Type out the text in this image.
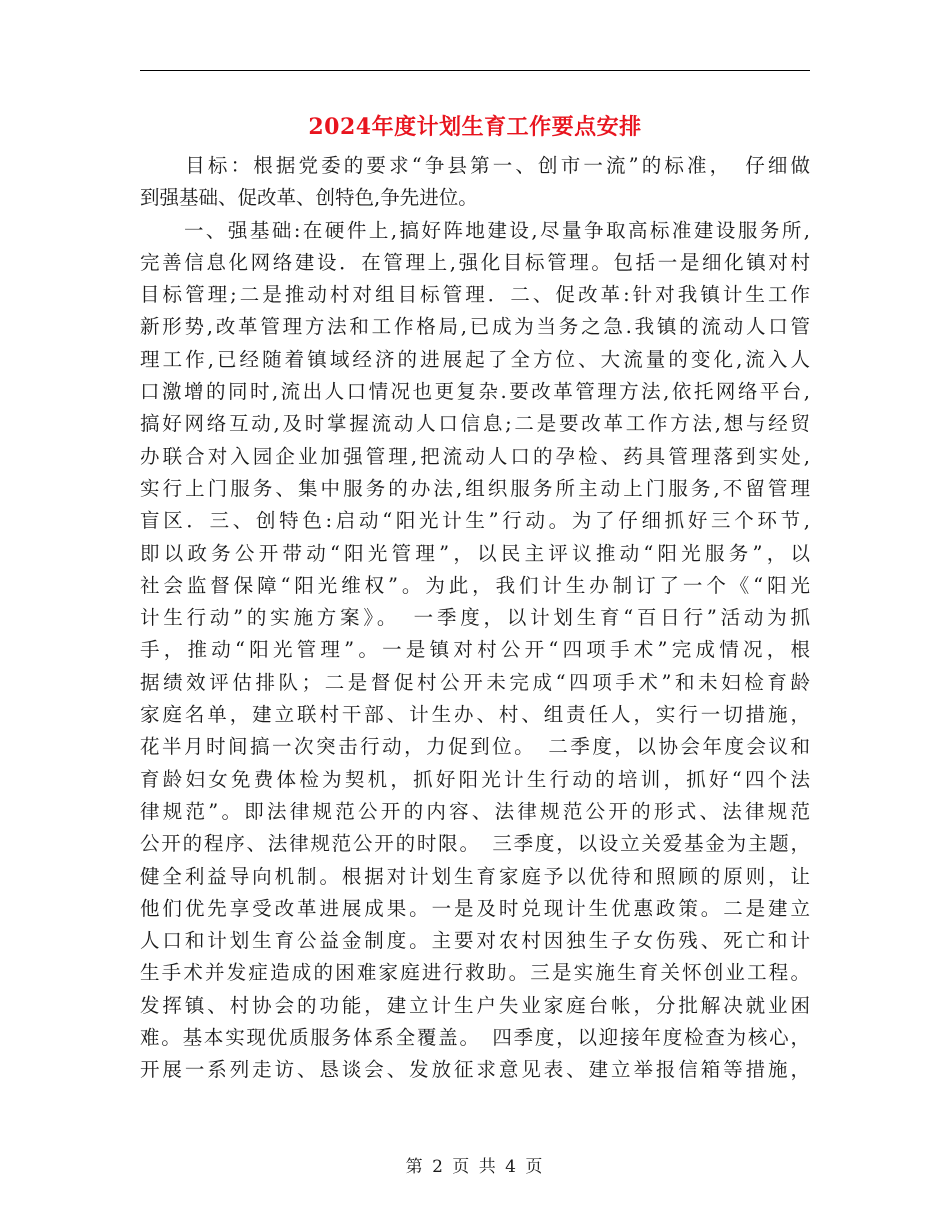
2024年度计划生育工作要点安排
　　目标：根据党委的要求“争县第一、创市一流”的标准，　仔细做
到强基础、促改革、创特色,争先进位。
　　一、强基础:在硬件上,搞好阵地建设,尽量争取高标准建设服务所,
完善信息化网络建设．在管理上,强化目标管理。包括一是细化镇对村
目标管理;二是推动村对组目标管理．二、促改革:针对我镇计生工作
新形势,改革管理方法和工作格局,已成为当务之急.我镇的流动人口管
理工作,已经随着镇域经济的进展起了全方位、大流量的变化,流入人
口激增的同时,流出人口情况也更复杂.要改革管理方法,依托网络平台,
搞好网络互动,及时掌握流动人口信息;二是要改革工作方法,想与经贸
办联合对入园企业加强管理,把流动人口的孕检、药具管理落到实处,
实行上门服务、集中服务的办法,组织服务所主动上门服务,不留管理
盲区．三、创特色:启动“阳光计生”行动。为了仔细抓好三个环节,
即以政务公开带动“阳光管理”，以民主评议推动“阳光服务”，以
社会监督保障“阳光维权”。为此，我们计生办制订了一个《“阳光
计生行动”的实施方案》。　一季度，以计划生育“百日行”活动为抓
手，推动“阳光管理”。一是镇对村公开“四项手术”完成情况，根
据绩效评估排队；二是督促村公开未完成“四项手术”和未妇检育龄
家庭名单，建立联村干部、计生办、村、组责任人，实行一切措施，
花半月时间搞一次突击行动，力促到位。　二季度，以协会年度会议和
育龄妇女免费体检为契机，抓好阳光计生行动的培训，抓好“四个法
律规范”。即法律规范公开的内容、法律规范公开的形式、法律规范
公开的程序、法律规范公开的时限。　三季度，以设立关爱基金为主题，
健全利益导向机制。根据对计划生育家庭予以优待和照顾的原则，让
他们优先享受改革进展成果。一是及时兑现计生优惠政策。二是建立
人口和计划生育公益金制度。主要对农村因独生子女伤残、死亡和计
生手术并发症造成的困难家庭进行救助。三是实施生育关怀创业工程。
发挥镇、村协会的功能，建立计生户失业家庭台帐，分批解决就业困
难。基本实现优质服务体系全覆盖。　四季度，以迎接年度检查为核心，
开展一系列走访、恳谈会、发放征求意见表、建立举报信箱等措施，
第 2 页 共 4 页
